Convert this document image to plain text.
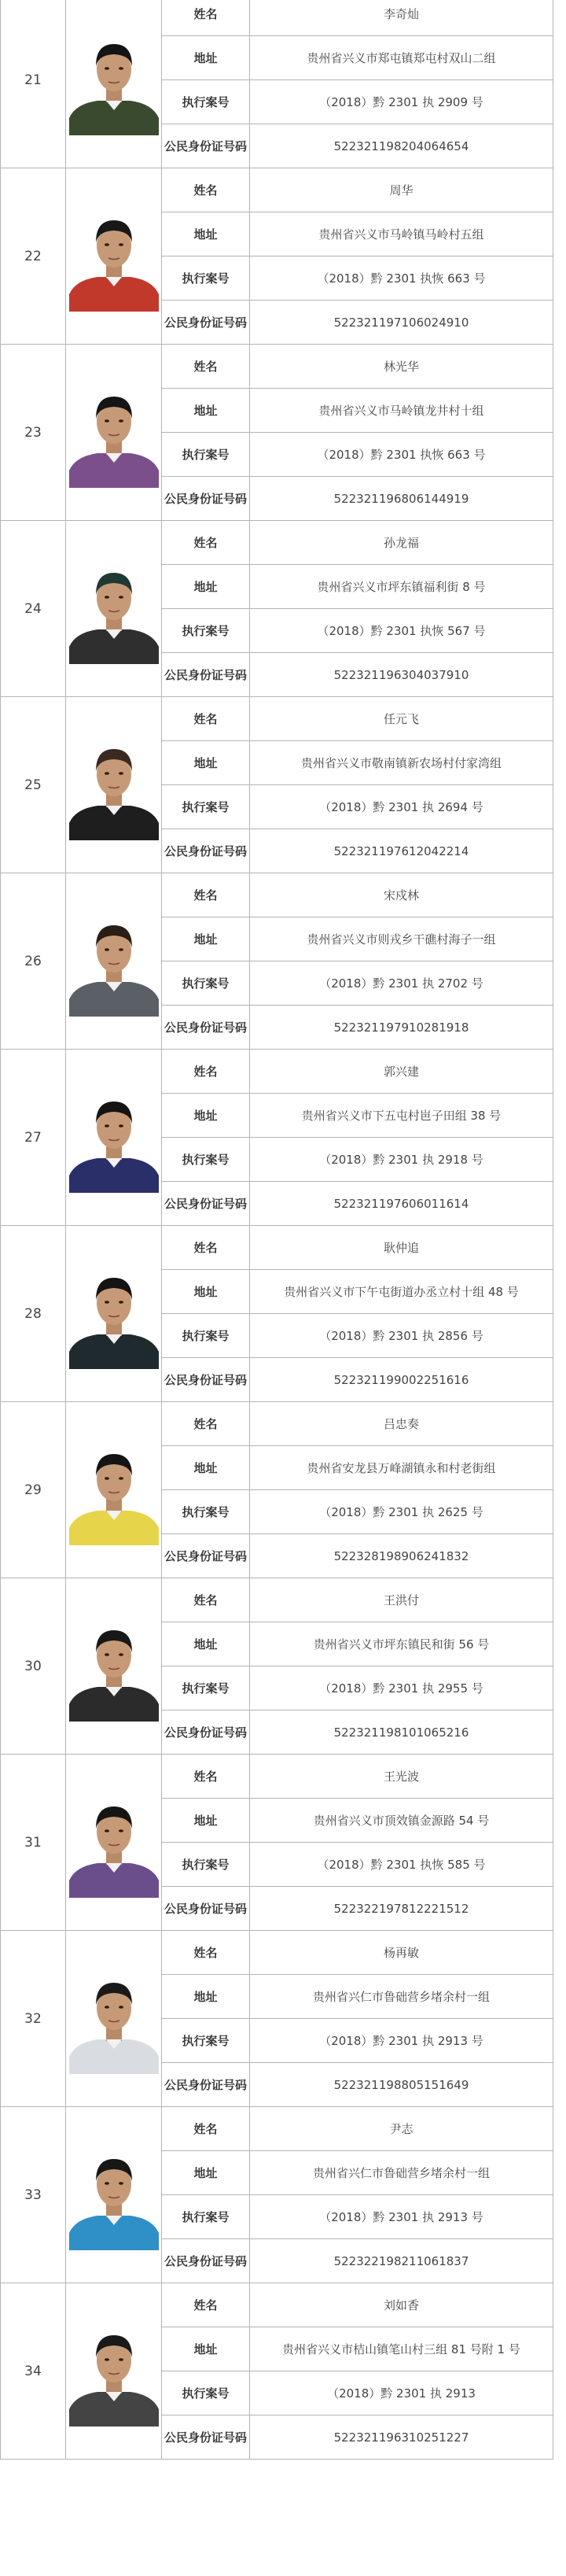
21
姓名	李奇灿
地址	贵州省兴义市郑屯镇郑屯村双山二组
执行案号	（2018）黔 2301 执 2909 号
公民身份证号码	522321198204064654
22
姓名	周华
地址	贵州省兴义市马岭镇马岭村五组
执行案号	（2018）黔 2301 执恢 663 号
公民身份证号码	522321197106024910
23
姓名	林光华
地址	贵州省兴义市马岭镇龙井村十组
执行案号	（2018）黔 2301 执恢 663 号
公民身份证号码	522321196806144919
24
姓名	孙龙福
地址	贵州省兴义市坪东镇福利街 8 号
执行案号	（2018）黔 2301 执恢 567 号
公民身份证号码	522321196304037910
25
姓名	任元飞
地址	贵州省兴义市敬南镇新农场村付家湾组
执行案号	（2018）黔 2301 执 2694 号
公民身份证号码	522321197612042214
26
姓名	宋戍林
地址	贵州省兴义市则戎乡干礁村海子一组
执行案号	（2018）黔 2301 执 2702 号
公民身份证号码	522321197910281918
27
姓名	郭兴建
地址	贵州省兴义市下五屯村岜子田组 38 号
执行案号	（2018）黔 2301 执 2918 号
公民身份证号码	522321197606011614
28
姓名	耿仲追
地址	贵州省兴义市下午屯街道办丞立村十组 48 号
执行案号	（2018）黔 2301 执 2856 号
公民身份证号码	522321199002251616
29
姓名	吕忠奏
地址	贵州省安龙县万峰湖镇永和村老街组
执行案号	（2018）黔 2301 执 2625 号
公民身份证号码	522328198906241832
30
姓名	王洪付
地址	贵州省兴义市坪东镇民和街 56 号
执行案号	（2018）黔 2301 执 2955 号
公民身份证号码	522321198101065216
31
姓名	王光波
地址	贵州省兴义市顶效镇金源路 54 号
执行案号	（2018）黔 2301 执恢 585 号
公民身份证号码	522322197812221512
32
姓名	杨再敏
地址	贵州省兴仁市鲁础营乡堵余村一组
执行案号	（2018）黔 2301 执 2913 号
公民身份证号码	522321198805151649
33
姓名	尹志
地址	贵州省兴仁市鲁础营乡堵余村一组
执行案号	（2018）黔 2301 执 2913 号
公民身份证号码	522322198211061837
34
姓名	刘如香
地址	贵州省兴义市桔山镇笔山村三组 81 号附 1 号
执行案号	（2018）黔 2301 执 2913
公民身份证号码	522321196310251227
